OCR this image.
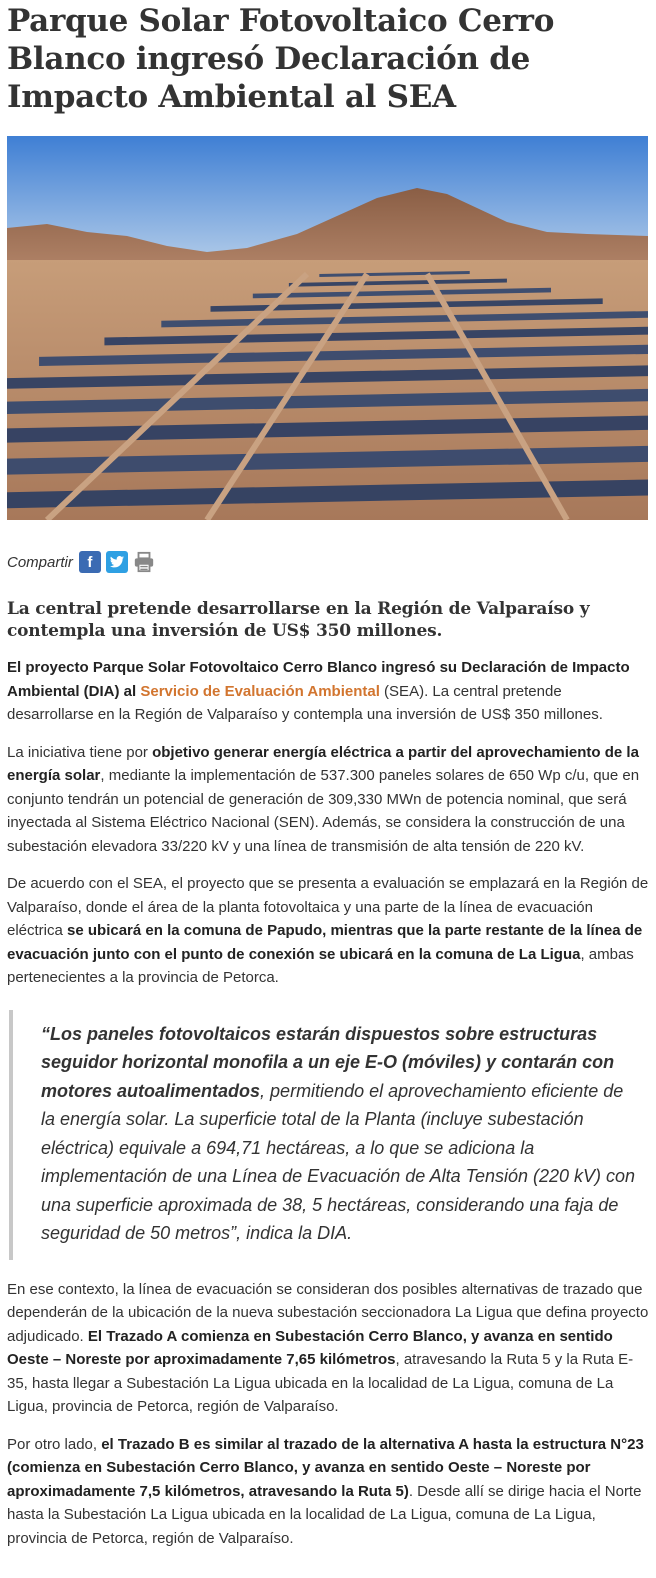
Parque Solar Fotovoltaico Cerro Blanco ingresó Declaración de Impacto Ambiental al SEA
Compartir f
La central pretende desarrollarse en la Región de Valparaíso y contempla una inversión de US$ 350 millones.

El proyecto Parque Solar Fotovoltaico Cerro Blanco ingresó su Declaración de Impacto Ambiental (DIA) al Servicio de Evaluación Ambiental (SEA). La central pretende desarrollarse en la Región de Valparaíso y contempla una inversión de US$ 350 millones.

La iniciativa tiene por objetivo generar energía eléctrica a partir del aprovechamiento de la energía solar, mediante la implementación de 537.300 paneles solares de 650 Wp c/u, que en conjunto tendrán un potencial de generación de 309,330 MWn de potencia nominal, que será inyectada al Sistema Eléctrico Nacional (SEN). Además, se considera la construcción de una subestación elevadora 33/220 kV y una línea de transmisión de alta tensión de 220 kV.

De acuerdo con el SEA, el proyecto que se presenta a evaluación se emplazará en la Región de Valparaíso, donde el área de la planta fotovoltaica y una parte de la línea de evacuación eléctrica se ubicará en la comuna de Papudo, mientras que la parte restante de la línea de evacuación junto con el punto de conexión se ubicará en la comuna de La Ligua, ambas pertenecientes a la provincia de Petorca.

“Los paneles fotovoltaicos estarán dispuestos sobre estructuras seguidor horizontal monofila a un eje E-O (móviles) y contarán con motores autoalimentados, permitiendo el aprovechamiento eficiente de la energía solar. La superficie total de la Planta (incluye subestación eléctrica) equivale a 694,71 hectáreas, a lo que se adiciona la implementación de una Línea de Evacuación de Alta Tensión (220 kV) con una superficie aproximada de 38, 5 hectáreas, considerando una faja de seguridad de 50 metros”, indica la DIA.

En ese contexto, la línea de evacuación se consideran dos posibles alternativas de trazado que dependerán de la ubicación de la nueva subestación seccionadora La Ligua que defina proyecto adjudicado. El Trazado A comienza en Subestación Cerro Blanco, y avanza en sentido Oeste – Noreste por aproximadamente 7,65 kilómetros, atravesando la Ruta 5 y la Ruta E-35, hasta llegar a Subestación La Ligua ubicada en la localidad de La Ligua, comuna de La Ligua, provincia de Petorca, región de Valparaíso.

Por otro lado, el Trazado B es similar al trazado de la alternativa A hasta la estructura N°23 (comienza en Subestación Cerro Blanco, y avanza en sentido Oeste – Noreste por aproximadamente 7,5 kilómetros, atravesando la Ruta 5). Desde allí se dirige hacia el Norte hasta la Subestación La Ligua ubicada en la localidad de La Ligua, comuna de La Ligua, provincia de Petorca, región de Valparaíso.
